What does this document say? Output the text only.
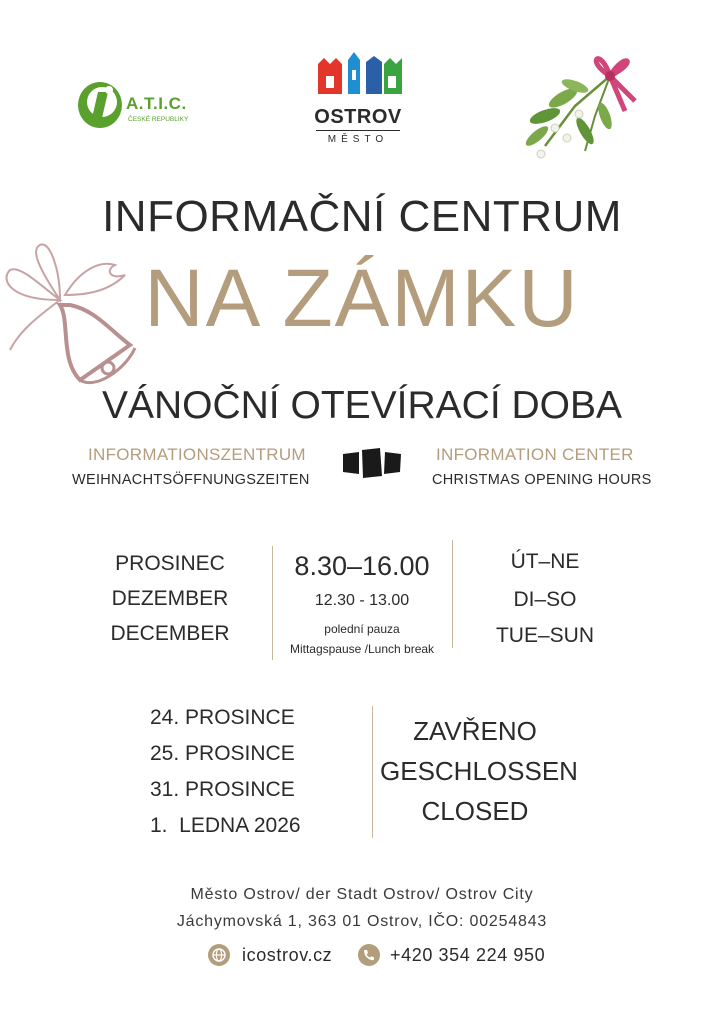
A.T.I.C.
ČESKÉ REPUBLIKY	OSTROV
MĚSTO
INFORMAČNÍ CENTRUM
NA ZÁMKU
VÁNOČNÍ OTEVÍRACÍ DOBA
INFORMATIONSZENTRUM
WEIHNACHTSÖFFNUNGSZEITEN
INFORMATION CENTER
CHRISTMAS OPENING HOURS
PROSINEC
DEZEMBER
DECEMBER
8.30–16.00
12.30 - 13.00
polední pauza
Mittagspause /Lunch break
ÚT–NE
DI–SO
TUE–SUN
24. PROSINCE
25. PROSINCE
31. PROSINCE
1.  LEDNA 2026
ZAVŘENO
GESCHLOSSEN
CLOSED
Město Ostrov/ der Stadt Ostrov/ Ostrov City
Jáchymovská 1, 363 01 Ostrov, IČO: 00254843
icostrov.cz	+420 354 224 950
